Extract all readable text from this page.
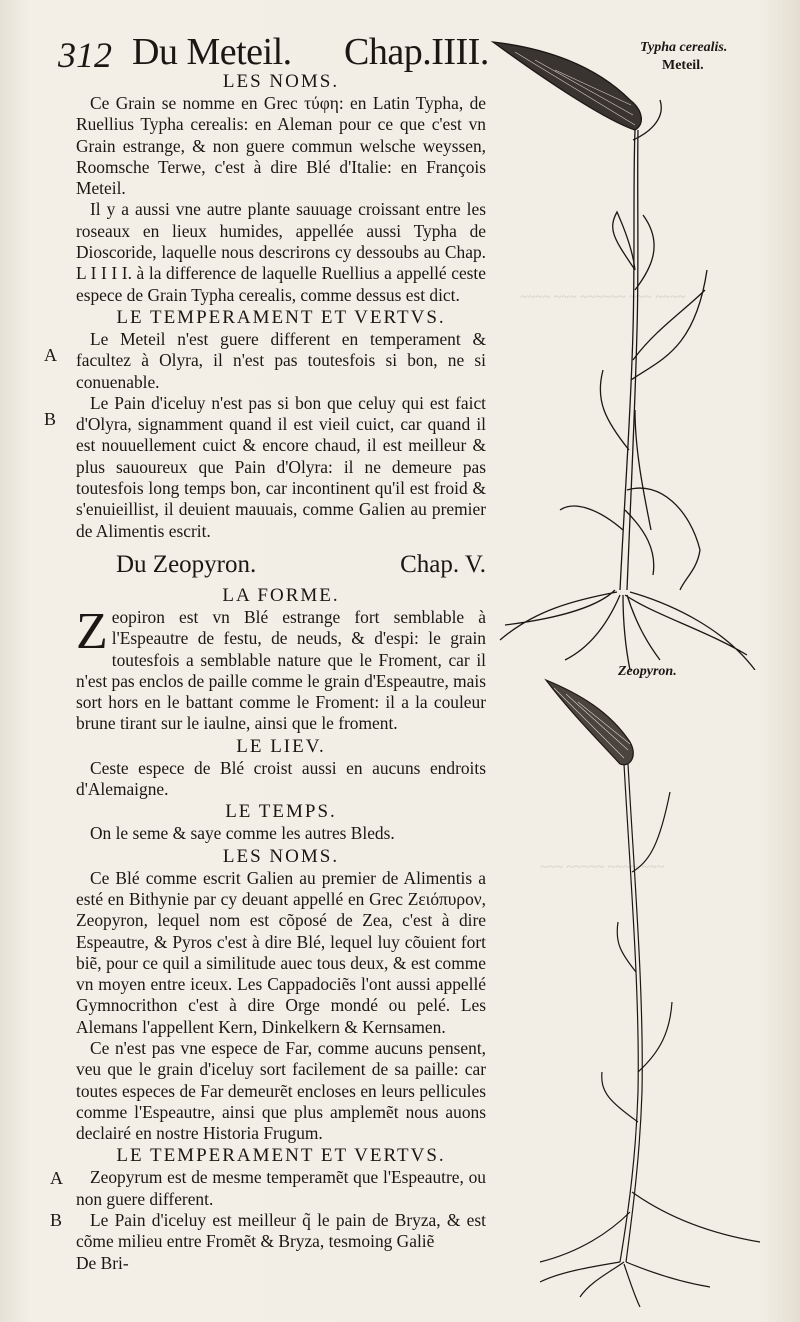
~~~~ ~~~ ~~~~~~ ~~~ ~~~~
~~~ ~~~~~ ~~~~ ~~~
312 Du Meteil. Chap.IIII.	Typha cerealis.
Meteil.
Zeopyron.
A
B
A
B
LES NOMS.

Ce Grain se nomme en Grec τύφη: en Latin Typha, de Ruellius Typha cerealis: en Aleman pour ce que c'est vn Grain estrange, & non guere commun welsche weyssen, Roomsche Terwe, c'est à dire Blé d'Italie: en François Meteil.

Il y a aussi vne autre plante sauuage croissant entre les roseaux en lieux humides, appellée aussi Typha de Dioscoride, laquelle nous descrirons cy dessoubs au Chap. L I I I I. à la difference de laquelle Ruellius a appellé ceste espece de Grain Typha cerealis, comme dessus est dict.

LE TEMPERAMENT ET VERTVS.

Le Meteil n'est guere different en temperament & facultez à Olyra, il n'est pas toutesfois si bon, ne si conuenable.

Le Pain d'iceluy n'est pas si bon que celuy qui est faict d'Olyra, signamment quand il est vieil cuict, car quand il est nouuellement cuict & encore chaud, il est meilleur & plus sauoureux que Pain d'Olyra: il ne demeure pas toutesfois long temps bon, car incontinent qu'il est froid & s'enuieillist, il deuient mauuais, comme Galien au premier de Alimentis escrit.

Du Zeopyron.	Chap. V.
LA FORME.

Zeopiron est vn Blé estrange fort semblable à l'Espeautre de festu, de neuds, & d'espi: le grain toutesfois a semblable nature que le Froment, car il n'est pas enclos de paille comme le grain d'Espeautre, mais sort hors en le battant comme le Froment: il a la couleur brune tirant sur le iaulne, ainsi que le froment.

LE LIEV.

Ceste espece de Blé croist aussi en aucuns endroits d'Alemaigne.

LE TEMPS.

On le seme & saye comme les autres Bleds.

LES NOMS.

Ce Blé comme escrit Galien au premier de Alimentis a esté en Bithynie par cy deuant appellé en Grec Ζειόπυρον, Zeopyron, lequel nom est cõposé de Zea, c'est à dire Espeautre, & Pyros c'est à dire Blé, lequel luy cõuient fort biẽ, pour ce quil a similitude auec tous deux, & est comme vn moyen entre iceux. Les Cappadociẽs l'ont aussi appellé Gymnocrithon c'est à dire Orge mondé ou pelé. Les Alemans l'appellent Kern, Dinkelkern & Kernsamen.

Ce n'est pas vne espece de Far, comme aucuns pensent, veu que le grain d'iceluy sort facilement de sa paille: car toutes especes de Far demeurẽt encloses en leurs pellicules comme l'Espeautre, ainsi que plus amplemẽt nous auons declairé en nostre Historia Frugum.

LE TEMPERAMENT ET VERTVS.

Zeopyrum est de mesme temperamẽt que l'Espeautre, ou non guere different.

Le Pain d'iceluy est meilleur q̃ le pain de Bryza, & est cõme milieu entre Fromẽt & Bryza, tesmoing Galiẽ

De Bri-
